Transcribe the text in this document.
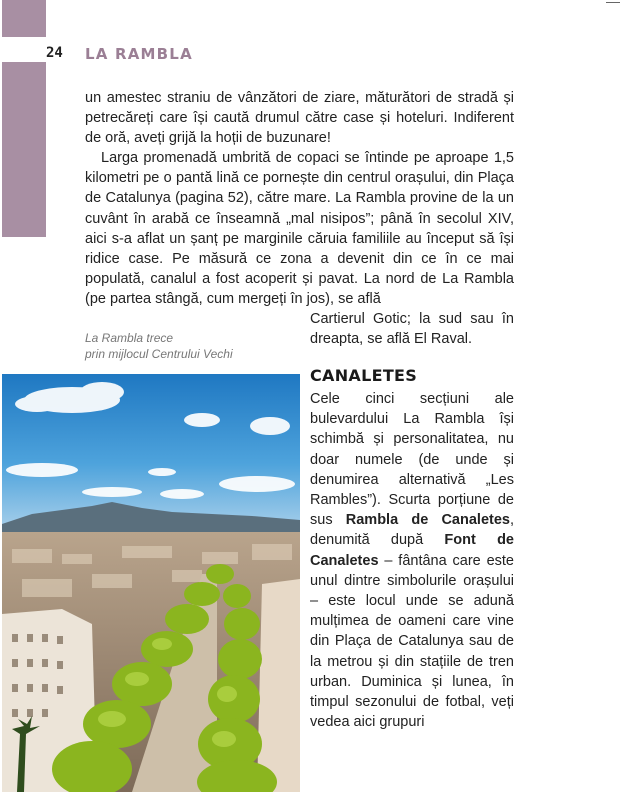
24 LA RAMBLA

un amestec straniu de vânzători de ziare, măturători de stradă și petrecăreți care își caută drumul către case și hoteluri. Indiferent de oră, aveți grijă la hoții de buzunare!

Larga promenadă umbrită de copaci se întinde pe aproape 1,5 kilometri pe o pantă lină ce pornește din centrul orașului, din Plaça de Catalunya (pagina 52), către mare. La Rambla provine de la un cuvânt în arabă ce înseamnă „mal nisipos”; până în secolul XIV, aici s-a aflat un șanț pe marginile căruia familiile au început să își ridice case. Pe măsură ce zona a devenit din ce în ce mai populată, canalul a fost acoperit și pavat. La nord de La Rambla (pe partea stângă, cum mergeți în jos), se află

Cartierul Gotic; la sud sau în dreapta, se află El Raval.

La Rambla trece
prin mijlocul Centrului Vechi
CANALETES

Cele cinci secțiuni ale bulevardului La Rambla își schimbă și personalitatea, nu doar numele (de unde și denumirea alternativă „Les Rambles”). Scurta porțiune de sus Rambla de Canaletes, denumită după Font de Canaletes – fântâna care este unul dintre simbolurile orașului – este locul unde se adună mulțimea de oameni care vine din Plaça de Catalunya sau de la metrou și din stațiile de tren urban. Duminica și lunea, în timpul sezonului de fotbal, veți vedea aici grupuri
